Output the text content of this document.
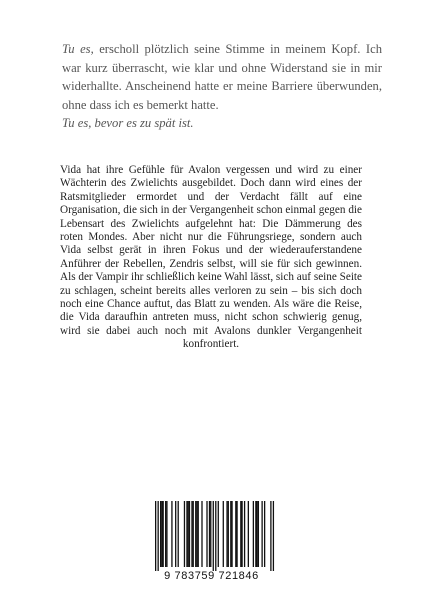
Tu es, erscholl plötzlich seine Stimme in meinem Kopf. Ich war kurz überrascht, wie klar und ohne Widerstand sie in mir widerhallte. Anscheinend hatte er meine Barriere überwunden, ohne dass ich es bemerkt hatte.
Tu es, bevor es zu spät ist.

Vida hat ihre Gefühle für Avalon vergessen und wird zu einer Wächterin des Zwielichts ausgebildet. Doch dann wird eines der Ratsmitglieder ermordet und der Verdacht fällt auf eine Organisation, die sich in der Vergangenheit schon einmal gegen die Lebensart des Zwielichts aufgelehnt hat: Die Dämmerung des roten Mondes. Aber nicht nur die Führungsriege, sondern auch Vida selbst gerät in ihren Fokus und der wiederauferstandene Anführer der Rebellen, Zendris selbst, will sie für sich gewinnen. Als der Vampir ihr schließlich keine Wahl lässt, sich auf seine Seite zu schlagen, scheint bereits alles verloren zu sein – bis sich doch noch eine Chance auftut, das Blatt zu wenden. Als wäre die Reise, die Vida daraufhin antreten muss, nicht schon schwierig genug, wird sie dabei auch noch mit Avalons dunkler Vergangenheit konfrontiert.

9 783759 721846
